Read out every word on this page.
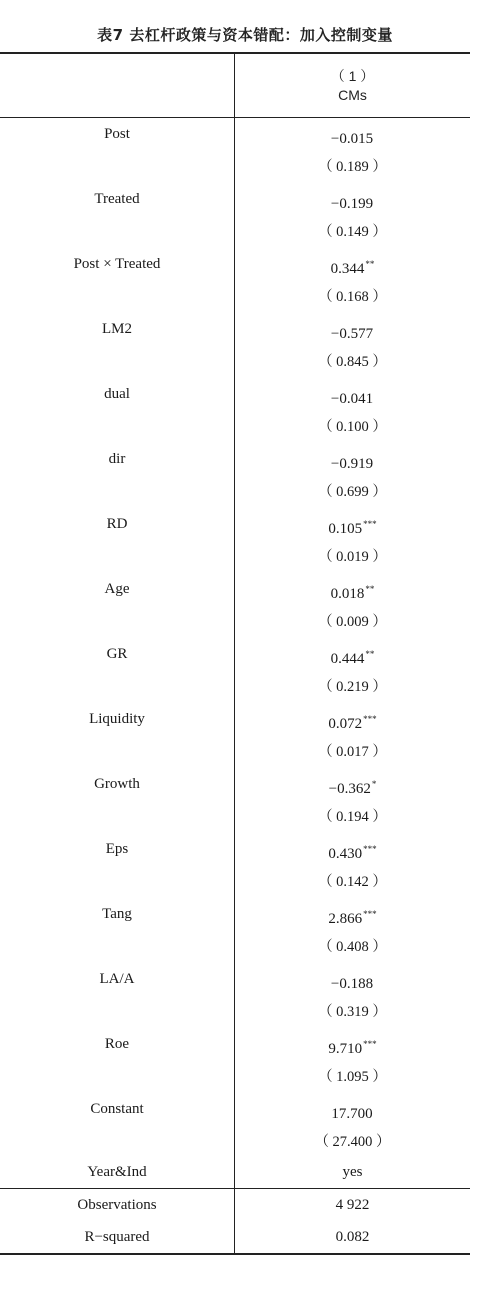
表7 去杠杆政策与资本错配：加入控制变量
（ 1 ）
CMs
Post	−0.015
（ 0.189 ）
Treated	−0.199
（ 0.149 ）
Post × Treated	0.344**
（ 0.168 ）
LM2	−0.577
（ 0.845 ）
dual	−0.041
（ 0.100 ）
dir	−0.919
（ 0.699 ）
RD	0.105***
（ 0.019 ）
Age	0.018**
（ 0.009 ）
GR	0.444**
（ 0.219 ）
Liquidity	0.072***
（ 0.017 ）
Growth	−0.362*
（ 0.194 ）
Eps	0.430***
（ 0.142 ）
Tang	2.866***
（ 0.408 ）
LA/A	−0.188
（ 0.319 ）
Roe	9.710***
（ 1.095 ）
Constant	17.700
（ 27.400 ）
Year&Ind	yes
Observations	4 922
R−squared	0.082
